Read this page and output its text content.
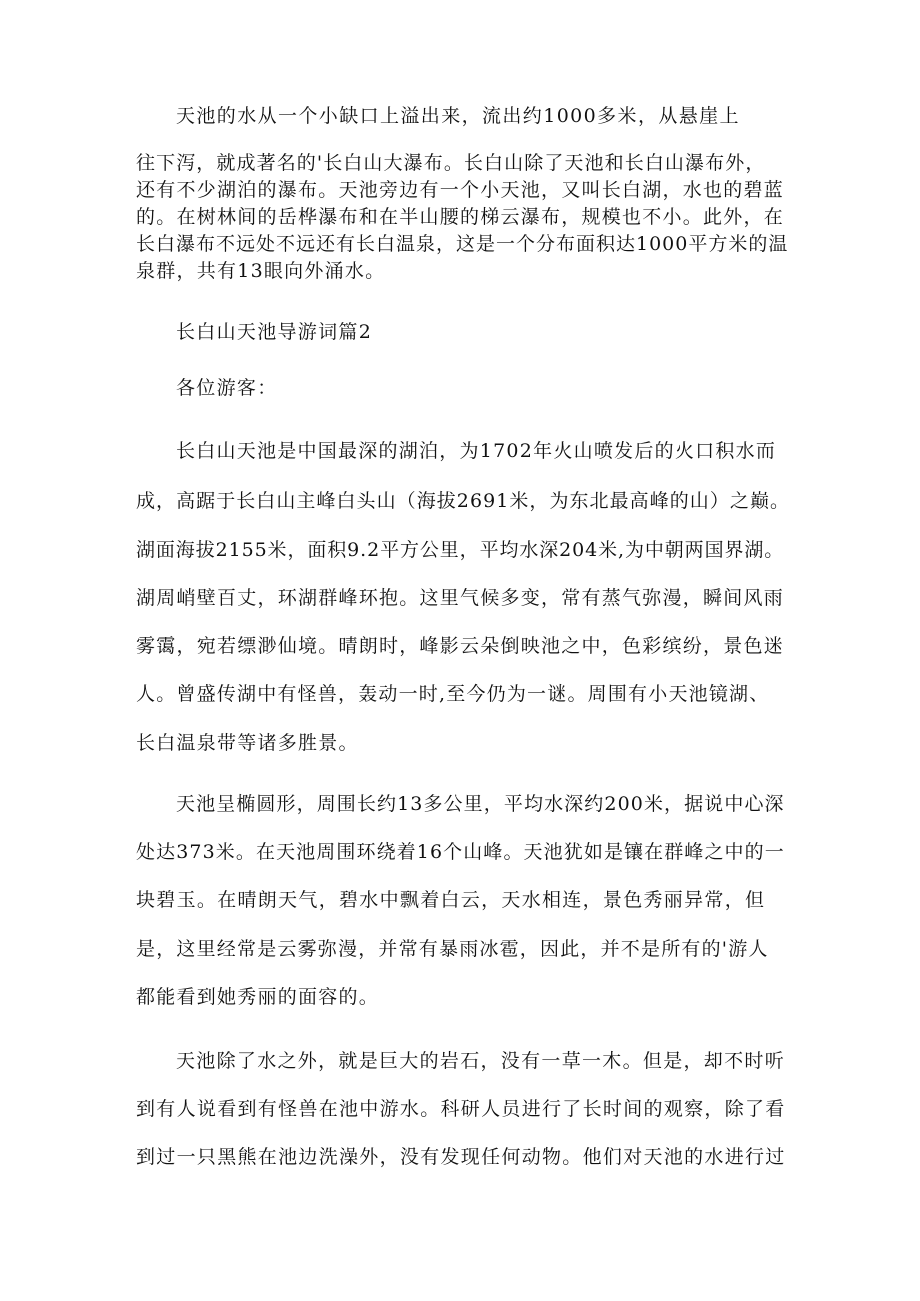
天池的水从一个小缺口上溢出来，流出约1000多米，从悬崖上

往下泻，就成著名的'长白山大瀑布。长白山除了天池和长白山瀑布外，

还有不少湖泊的瀑布。天池旁边有一个小天池，又叫长白湖，水也的碧蓝

的。在树林间的岳桦瀑布和在半山腰的梯云瀑布，规模也不小。此外，在

长白瀑布不远处不远还有长白温泉，这是一个分布面积达1000平方米的温

泉群，共有13眼向外涌水。

长白山天池导游词篇2

各位游客：

长白山天池是中国最深的湖泊，为1702年火山喷发后的火口积水而

成，高踞于长白山主峰白头山（海拔2691米，为东北最高峰的山）之巅。

湖面海拔2155米，面积9.2平方公里，平均水深204米,为中朝两国界湖。

湖周峭壁百丈，环湖群峰环抱。这里气候多变，常有蒸气弥漫，瞬间风雨

雾霭，宛若缥渺仙境。晴朗时，峰影云朵倒映池之中，色彩缤纷，景色迷

人。曾盛传湖中有怪兽，轰动一时,至今仍为一谜。周围有小天池镜湖、

长白温泉带等诸多胜景。

天池呈椭圆形，周围长约13多公里，平均水深约200米，据说中心深

处达373米。在天池周围环绕着16个山峰。天池犹如是镶在群峰之中的一

块碧玉。在晴朗天气，碧水中飘着白云，天水相连，景色秀丽异常，但

是，这里经常是云雾弥漫，并常有暴雨冰雹，因此，并不是所有的'游人

都能看到她秀丽的面容的。

天池除了水之外，就是巨大的岩石，没有一草一木。但是，却不时听

到有人说看到有怪兽在池中游水。科研人员进行了长时间的观察，除了看

到过一只黑熊在池边洗澡外，没有发现任何动物。他们对天池的水进行过
